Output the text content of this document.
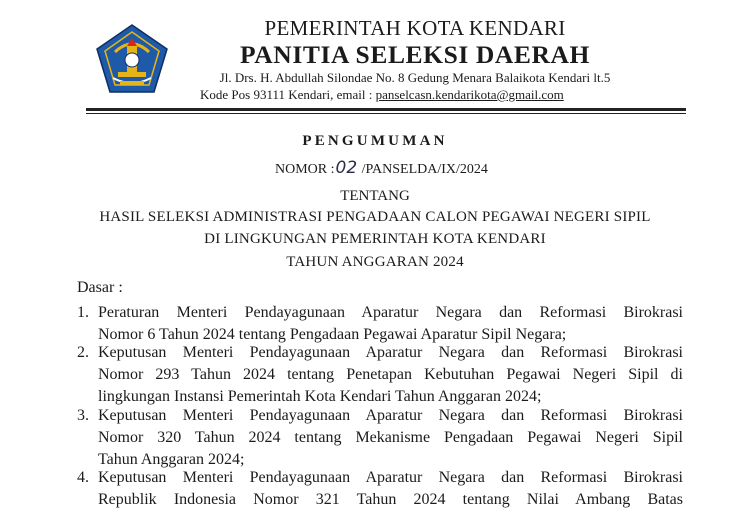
PEMERINTAH KOTA KENDARI
PANITIA SELEKSI DAERAH
Jl. Drs. H. Abdullah Silondae No. 8 Gedung Menara Balaikota Kendari lt.5
Kode Pos 93111 Kendari, email : panselcasn.kendarikota@gmail.com
PENGUMUMAN
NOMOR :02 /PANSELDA/IX/2024
TENTANG
HASIL SELEKSI ADMINISTRASI PENGADAAN CALON PEGAWAI NEGERI SIPIL
DI LINGKUNGAN PEMERINTAH KOTA KENDARI
TAHUN ANGGARAN 2024
Dasar :
1. Peraturan Menteri Pendayagunaan Aparatur Negara dan Reformasi Birokrasi
Nomor 6 Tahun 2024 tentang Pengadaan Pegawai Aparatur Sipil Negara;
2. Keputusan Menteri Pendayagunaan Aparatur Negara dan Reformasi Birokrasi
Nomor 293 Tahun 2024 tentang Penetapan Kebutuhan Pegawai Negeri Sipil di
lingkungan Instansi Pemerintah Kota Kendari Tahun Anggaran 2024;
3. Keputusan Menteri Pendayagunaan Aparatur Negara dan Reformasi Birokrasi
Nomor 320 Tahun 2024 tentang Mekanisme Pengadaan Pegawai Negeri Sipil
Tahun Anggaran 2024;
4. Keputusan Menteri Pendayagunaan Aparatur Negara dan Reformasi Birokrasi
Republik Indonesia Nomor 321 Tahun 2024 tentang Nilai Ambang Batas
